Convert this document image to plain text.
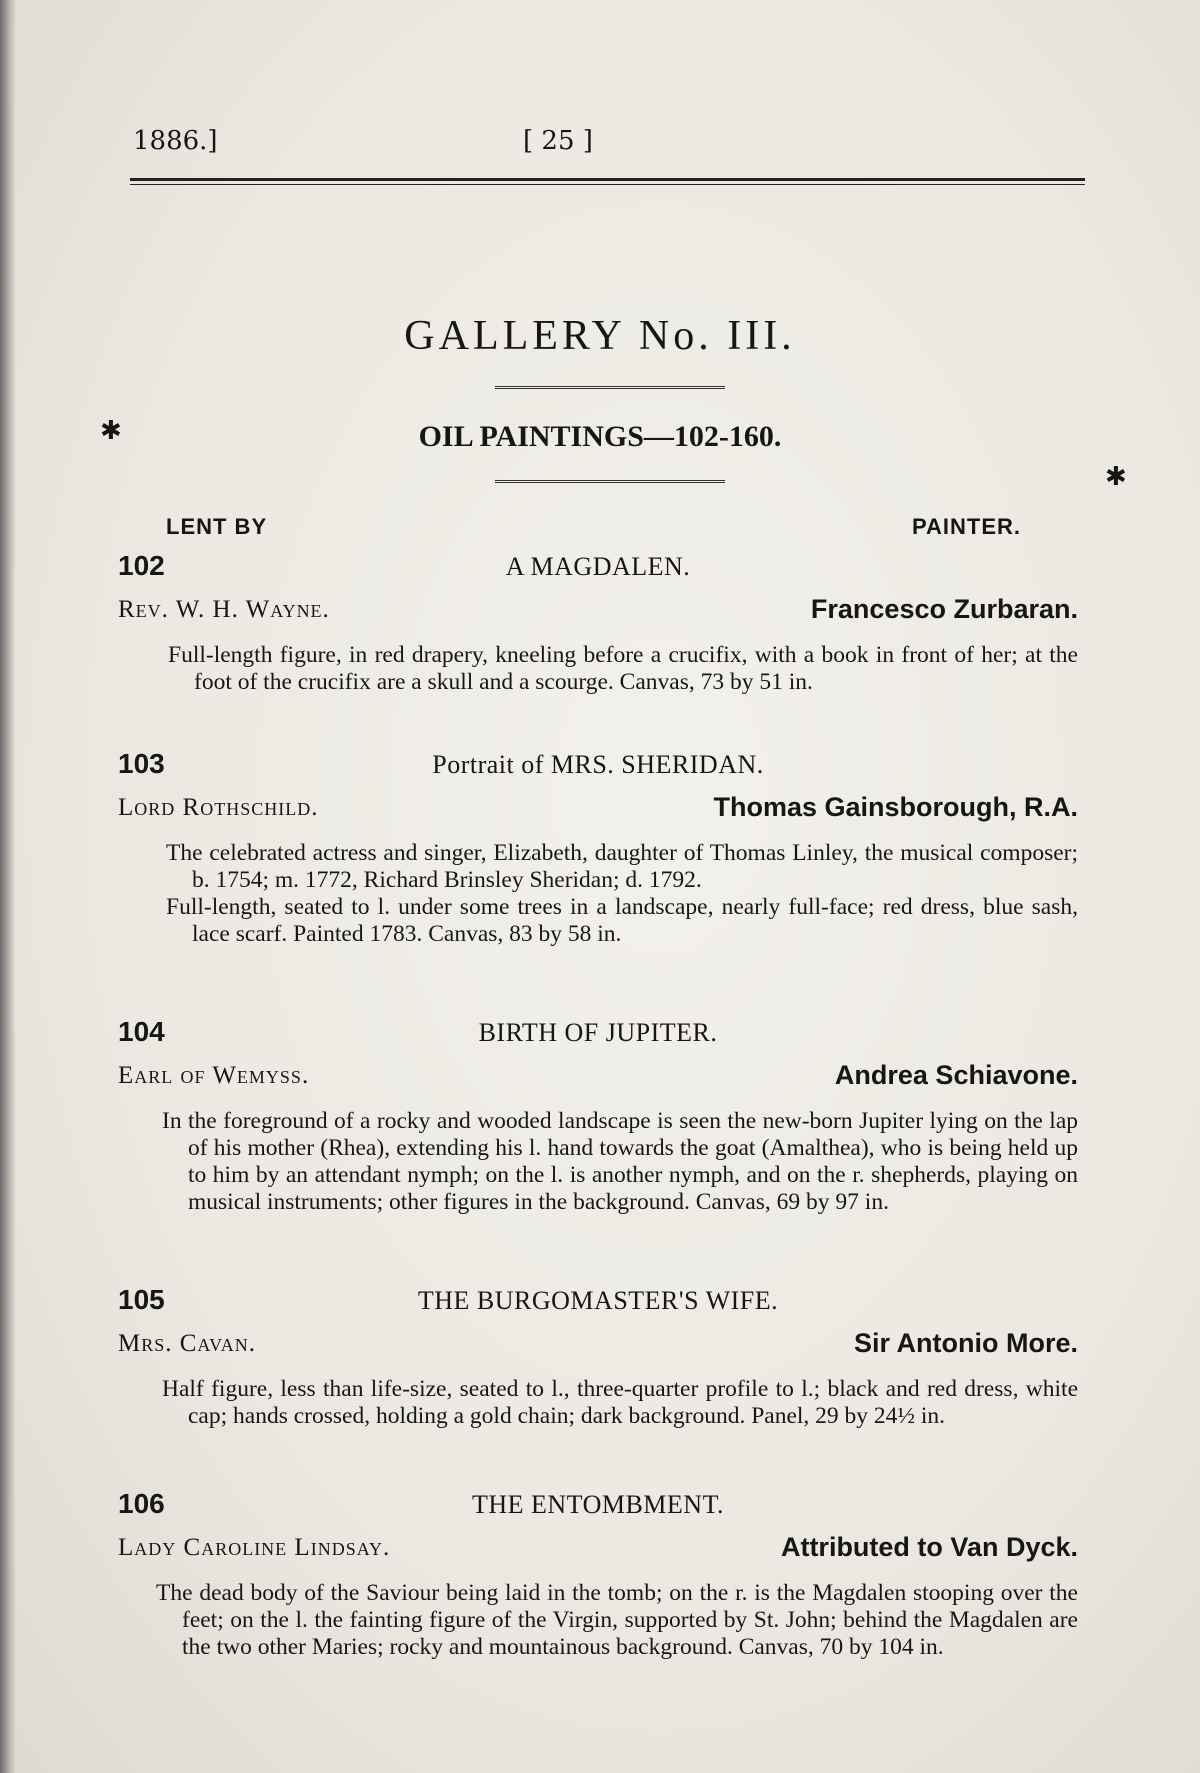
1886.]	[ 25 ]
GALLERY No. III.
✱
✱
OIL PAINTINGS—102-160.
LENT BY	PAINTER.
102	A MAGDALEN.
Rev. W. H. Wayne.	Francesco Zurbaran.

Full-length figure, in red drapery, kneeling before a crucifix, with a book in front of her; at the foot of the crucifix are a skull and a scourge. Canvas, 73 by 51 in.

103	Portrait of MRS. SHERIDAN.
Lord Rothschild.	Thomas Gainsborough, R.A.

The celebrated actress and singer, Elizabeth, daughter of Thomas Linley, the musical composer; b. 1754; m. 1772, Richard Brinsley Sheridan; d. 1792.

Full-length, seated to l. under some trees in a landscape, nearly full-face; red dress, blue sash, lace scarf. Painted 1783. Canvas, 83 by 58 in.

104	BIRTH OF JUPITER.
Earl of Wemyss.	Andrea Schiavone.

In the foreground of a rocky and wooded landscape is seen the new-born Jupiter lying on the lap of his mother (Rhea), extending his l. hand towards the goat (Amalthea), who is being held up to him by an attendant nymph; on the l. is another nymph, and on the r. shepherds, playing on musical instruments; other figures in the background. Canvas, 69 by 97 in.

105	THE BURGOMASTER'S WIFE.
Mrs. Cavan.	Sir Antonio More.

Half figure, less than life-size, seated to l., three-quarter profile to l.; black and red dress, white cap; hands crossed, holding a gold chain; dark background. Panel, 29 by 24½ in.

106	THE ENTOMBMENT.
Lady Caroline Lindsay.	Attributed to Van Dyck.

The dead body of the Saviour being laid in the tomb; on the r. is the Magdalen stooping over the feet; on the l. the fainting figure of the Virgin, supported by St. John; behind the Magdalen are the two other Maries; rocky and mountainous background. Canvas, 70 by 104 in.
